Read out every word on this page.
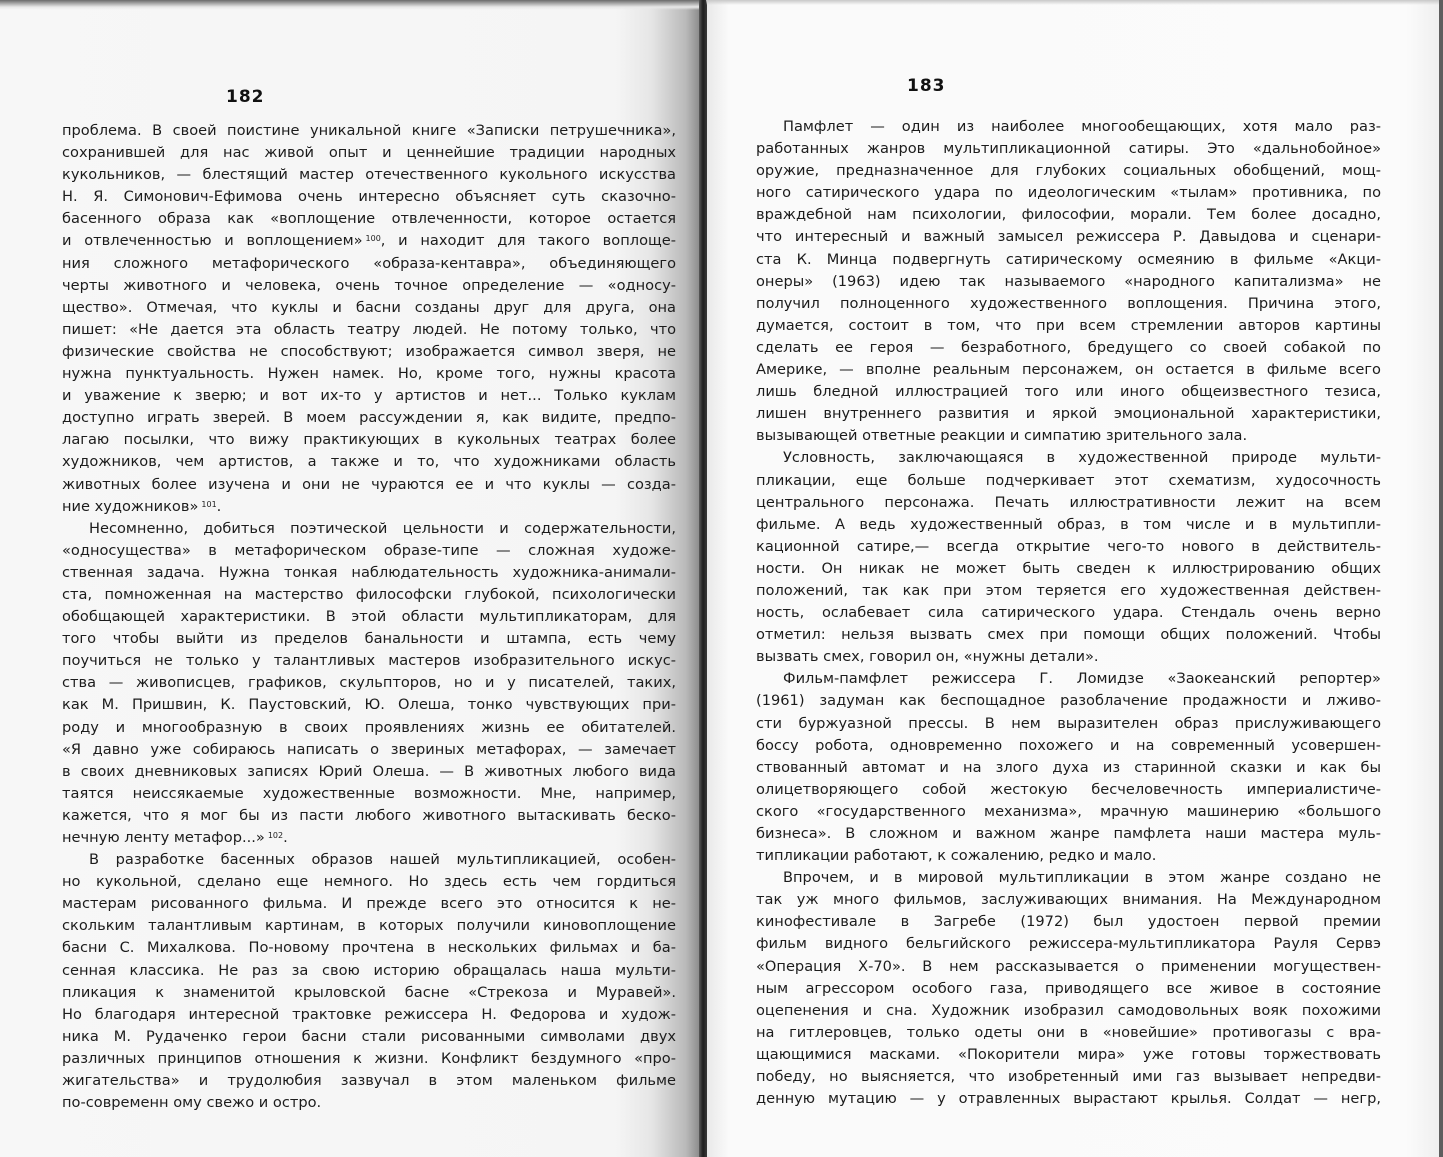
182
проблема. В своей поистине уникальной книге «Записки петрушечника»,
сохранившей для нас живой опыт и ценнейшие традиции народных
кукольников, — блестящий мастер отечественного кукольного искусства
Н. Я. Симонович-Ефимова очень интересно объясняет суть сказочно-
басенного образа как «воплощение отвлеченности, которое остается
и отвлеченностью и воплощением» $^{100}$, и находит для такого воплоще-
ния сложного метафорического «образа-кентавра», объединяющего
черты животного и человека, очень точное определение — «односу-
щество». Отмечая, что куклы и басни созданы друг для друга, она
пишет: «Не дается эта область театру людей. Не потому только, что
физические свойства не способствуют; изображается символ зверя, не
нужна пунктуальность. Нужен намек. Но, кроме того, нужны красота
и уважение к зверю; и вот их-то у артистов и нет... Только куклам
доступно играть зверей. В моем рассуждении я, как видите, предпо-
лагаю посылки, что вижу практикующих в кукольных театрах более
художников, чем артистов, а также и то, что художниками область
животных более изучена и они не чураются ее и что куклы — созда-
ние художников» $^{101}$.
Несомненно, добиться поэтической цельности и содержательности,
«односущества» в метафорическом образе-типе — сложная художе-
ственная задача. Нужна тонкая наблюдательность художника-анимали-
ста, помноженная на мастерство философски глубокой, психологически
обобщающей характеристики. В этой области мультипликаторам, для
того чтобы выйти из пределов банальности и штампа, есть чему
поучиться не только у талантливых мастеров изобразительного искус-
ства — живописцев, графиков, скульпторов, но и у писателей, таких,
как М. Пришвин, К. Паустовский, Ю. Олеша, тонко чувствующих при-
роду и многообразную в своих проявлениях жизнь ее обитателей.
«Я давно уже собираюсь написать о звериных метафорах, — замечает
в своих дневниковых записях Юрий Олеша. — В животных любого вида
таятся неиссякаемые художественные возможности. Мне, например,
кажется, что я мог бы из пасти любого животного вытаскивать беско-
нечную ленту метафор...» $^{102}$.
В разработке басенных образов нашей мультипликацией, особен-
но кукольной, сделано еще немного. Но здесь есть чем гордиться
мастерам рисованного фильма. И прежде всего это относится к не-
скольким талантливым картинам, в которых получили киновоплощение
басни С. Михалкова. По-новому прочтена в нескольких фильмах и ба-
сенная классика. Не раз за свою историю обращалась наша мульти-
пликация к знаменитой крыловской басне «Стрекоза и Муравей».
Но благодаря интересной трактовке режиссера Н. Федорова и худож-
ника М. Рудаченко герои басни стали рисованными символами двух
различных принципов отношения к жизни. Конфликт бездумного «про-
жигательства» и трудолюбия зазвучал в этом маленьком фильме
по-современн ому свежо и остро.
183
Памфлет — один из наиболее многообещающих, хотя мало раз-
работанных жанров мультипликационной сатиры. Это «дальнобойное»
оружие, предназначенное для глубоких социальных обобщений, мощ-
ного сатирического удара по идеологическим «тылам» противника, по
враждебной нам психологии, философии, морали. Тем более досадно,
что интересный и важный замысел режиссера Р. Давыдова и сценари-
ста К. Минца подвергнуть сатирическому осмеянию в фильме «Акци-
онеры» (1963) идею так называемого «народного капитализма» не
получил полноценного художественного воплощения. Причина этого,
думается, состоит в том, что при всем стремлении авторов картины
сделать ее героя — безработного, бредущего со своей собакой по
Америке, — вполне реальным персонажем, он остается в фильме всего
лишь бледной иллюстрацией того или иного общеизвестного тезиса,
лишен внутреннего развития и яркой эмоциональной характеристики,
вызывающей ответные реакции и симпатию зрительного зала.
Условность, заключающаяся в художественной природе мульти-
пликации, еще больше подчеркивает этот схематизм, худосочность
центрального персонажа. Печать иллюстративности лежит на всем
фильме. А ведь художественный образ, в том числе и в мультипли-
кационной сатире,— всегда открытие чего-то нового в действитель-
ности. Он никак не может быть сведен к иллюстрированию общих
положений, так как при этом теряется его художественная действен-
ность, ослабевает сила сатирического удара. Стендаль очень верно
отметил: нельзя вызвать смех при помощи общих положений. Чтобы
вызвать смех, говорил он, «нужны детали».
Фильм-памфлет режиссера Г. Ломидзе «Заокеанский репортер»
(1961) задуман как беспощадное разоблачение продажности и лживо-
сти буржуазной прессы. В нем выразителен образ прислуживающего
боссу робота, одновременно похожего и на современный усовершен-
ствованный автомат и на злого духа из старинной сказки и как бы
олицетворяющего собой жестокую бесчеловечность империалистиче-
ского «государственного механизма», мрачную машинерию «большого
бизнеса». В сложном и важном жанре памфлета наши мастера муль-
типликации работают, к сожалению, редко и мало.
Впрочем, и в мировой мультипликации в этом жанре создано не
так уж много фильмов, заслуживающих внимания. На Международном
кинофестивале в Загребе (1972) был удостоен первой премии
фильм видного бельгийского режиссера-мультипликатора Рауля Сервэ
«Операция Х-70». В нем рассказывается о применении могуществен-
ным агрессором особого газа, приводящего все живое в состояние
оцепенения и сна. Художник изобразил самодовольных вояк похожими
на гитлеровцев, только одеты они в «новейшие» противогазы с вра-
щающимися масками. «Покорители мира» уже готовы торжествовать
победу, но выясняется, что изобретенный ими газ вызывает непредви-
денную мутацию — у отравленных вырастают крылья. Солдат — негр,
